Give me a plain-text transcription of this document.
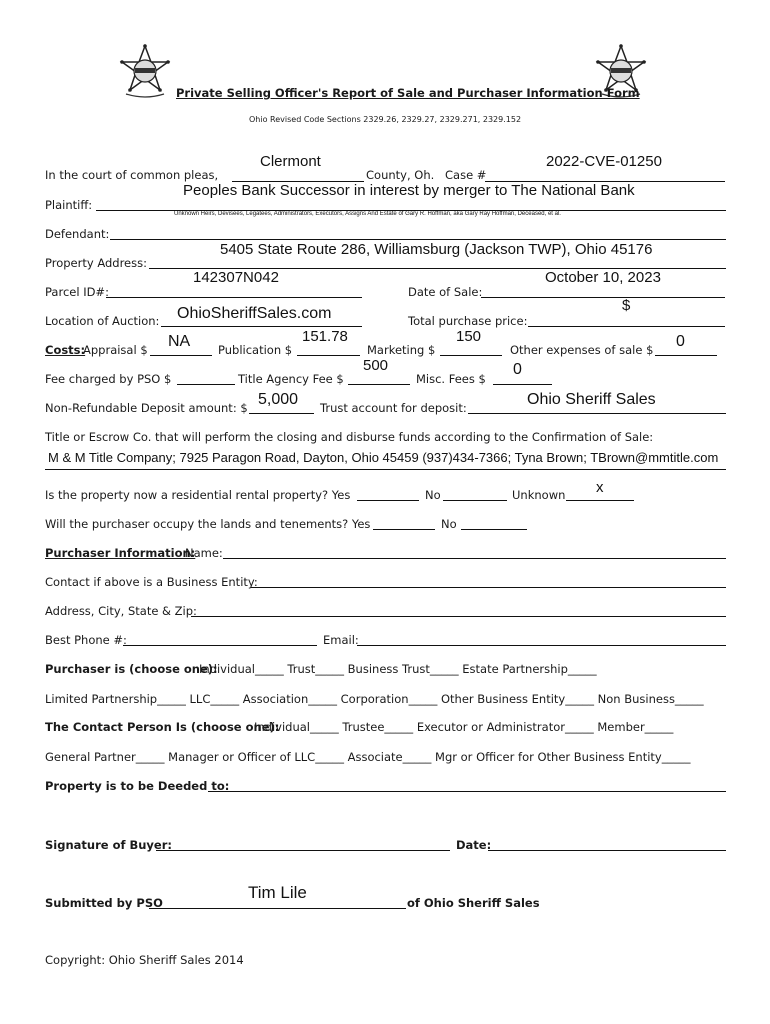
Private Selling Officer's Report of Sale and Purchaser Information Form
Ohio Revised Code Sections 2329.26, 2329.27, 2329.271, 2329.152
In the court of common pleas,
Clermont
County, Oh. Case #
2022-CVE-01250
Plaintiff:
Peoples Bank Successor in interest by merger to The National Bank
Defendant:
Unknown Heirs, Devisees, Legatees, Administrators, Executors, Assigns And Estate of Gary R. Hoffman, aka Gary Ray Hoffman, Deceased, et al.
Property Address:
5405 State Route 286, Williamsburg (Jackson TWP), Ohio 45176
Parcel ID#:
142307N042
Date of Sale:
October 10, 2023
Location of Auction: OhioSheriffSales.com	Total purchase price:
$
Costs:
Appraisal $ NA Publication $
151.78
Marketing $
150
Other expenses of sale $ 0
Fee charged by PSO $	Title Agency Fee $
500
Misc. Fees $
0
Non-Refundable Deposit amount: $ 5,000 Trust account for deposit:	Ohio Sheriff Sales
Title or Escrow Co. that will perform the closing and disburse funds according to the Confirmation of Sale:
M & M Title Company; 7925 Paragon Road, Dayton, Ohio 45459 (937)434-7366; Tyna Brown; TBrown@mmtitle.com
Is the property now a residential rental property? Yes	No	Unknown x
Will the purchaser occupy the lands and tenements? Yes	No
Purchaser Information:
Name:
Contact if above is a Business Entity:
Address, City, State & Zip:
Best Phone #:	Email:
Purchaser is (choose one):
Individual_____ Trust_____ Business Trust_____ Estate Partnership_____
Limited Partnership_____ LLC_____ Association_____ Corporation_____ Other Business Entity_____ Non Business_____
The Contact Person Is (choose one):
Individual_____ Trustee_____ Executor or Administrator_____ Member_____
General Partner_____ Manager or Officer of LLC_____ Associate_____ Mgr or Officer for Other Business Entity_____
Property is to be Deeded to:
Signature of Buyer:	Date:
Submitted by PSO
Tim Lile
of Ohio Sheriff Sales
Copyright: Ohio Sheriff Sales 2014
